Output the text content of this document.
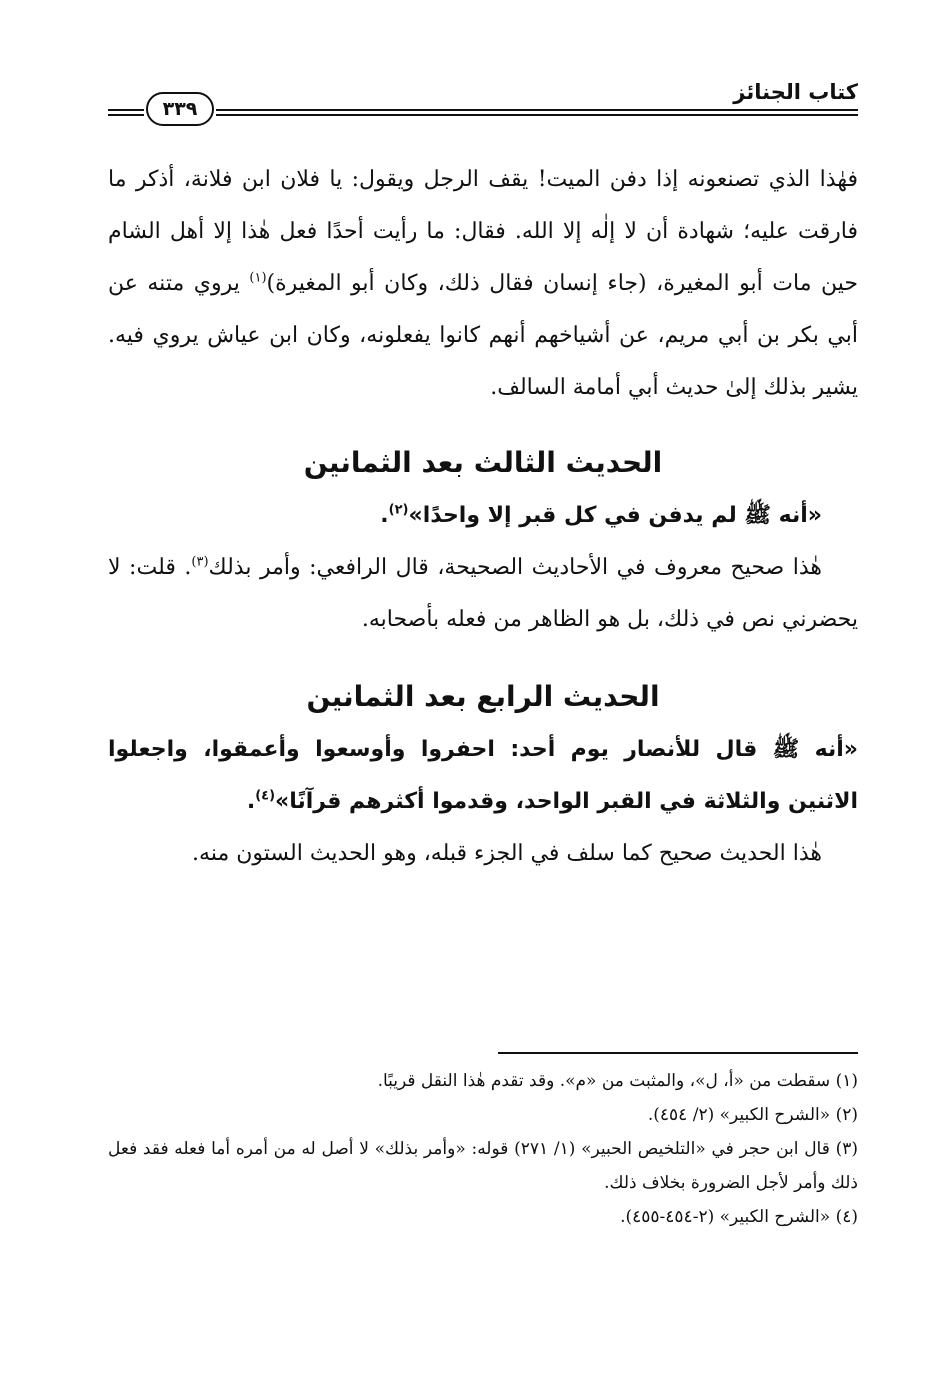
كتاب الجنائز
٣٣٩

فهٰذا الذي تصنعونه إذا دفن الميت! يقف الرجل ويقول: يا فلان ابن فلانة، أذكر ما فارقت عليه؛ شهادة أن لا إلٰه إلا الله. فقال: ما رأيت أحدًا فعل هٰذا إلا أهل الشام حين مات أبو المغيرة، (جاء إنسان فقال ذلك، وكان أبو المغيرة)$^{(١)}$ يروي متنه عن أبي بكر بن أبي مريم، عن أشياخهم أنهم كانوا يفعلونه، وكان ابن عياش يروي فيه. يشير بذلك إلىٰ حديث أبي أمامة السالف.

الحديث الثالث بعد الثمانين

«أنه ﷺ لم يدفن في كل قبر إلا واحدًا»$^{(٢)}$.

هٰذا صحيح معروف في الأحاديث الصحيحة، قال الرافعي: وأمر بذلك$^{(٣)}$. قلت: لا يحضرني نص في ذلك، بل هو الظاهر من فعله بأصحابه.

الحديث الرابع بعد الثمانين

«أنه ﷺ قال للأنصار يوم أحد: احفروا وأوسعوا وأعمقوا، واجعلوا الاثنين والثلاثة في القبر الواحد، وقدموا أكثرهم قرآنًا»$^{(٤)}$.

هٰذا الحديث صحيح كما سلف في الجزء قبله، وهو الحديث الستون منه.

(١) سقطت من «أ، ل»، والمثبت من «م». وقد تقدم هٰذا النقل قريبًا.

(٢) «الشرح الكبير» (٢/ ٤٥٤).

(٣) قال ابن حجر في «التلخيص الحبير» (١/ ٢٧١) قوله: «وأمر بذلك» لا أصل له من أمره أما فعله فقد فعل ذلك وأمر لأجل الضرورة بخلاف ذلك.

(٤) «الشرح الكبير» (٢-٤٥٤-٤٥٥).
